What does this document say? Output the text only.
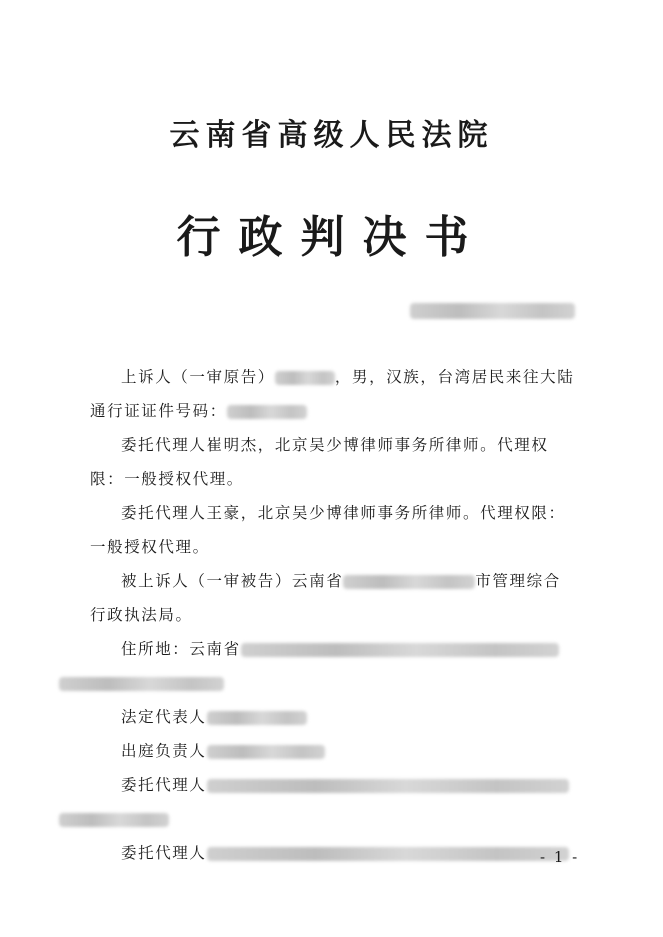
云南省高级人民法院
行政判决书

上诉人（一审原告）	，男，汉族，台湾居民来往大陆通行证证件号码：

委托代理人崔明杰，北京吴少博律师事务所律师。代理权限：一般授权代理。

委托代理人王豪，北京吴少博律师事务所律师。代理权限：一般授权代理。

被上诉人（一审被告）云南省	市管理综合行政执法局。

住所地：云南省

法定代表人

出庭负责人

委托代理人

委托代理人	- 1 -
